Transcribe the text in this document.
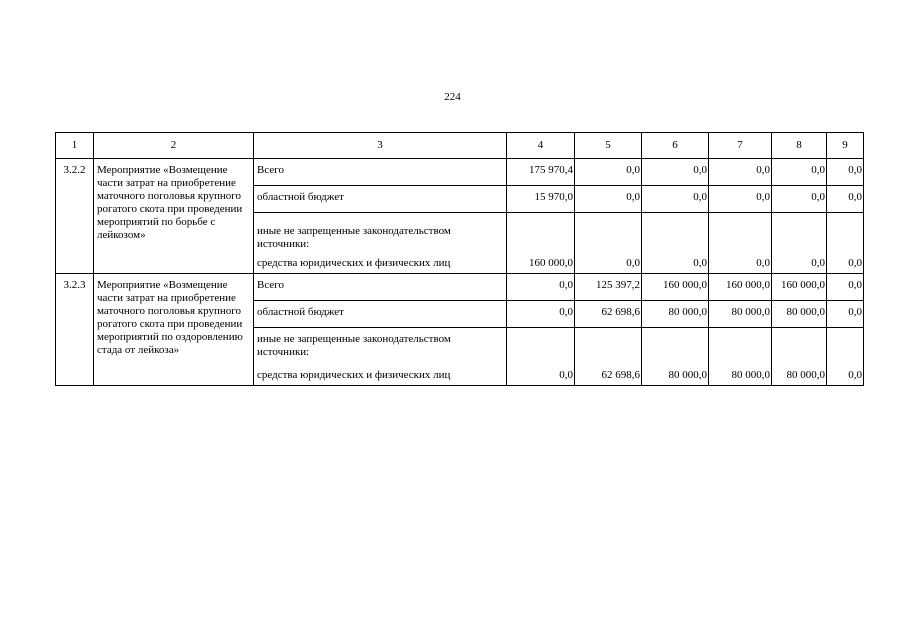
224
1	2	3	4	5	6	7	8	9
3.2.2	Мероприятие «Возмещение части затрат на приобретение маточного поголовья крупного рогатого скота при проведении мероприятий по борьбе с лейкозом»	Всего	175 970,4	0,0	0,0	0,0	0,0	0,0
		областной бюджет	15 970,0	0,0	0,0	0,0	0,0	0,0
		иные не запрещенные законодательством источники:						
		средства юридических и физических лиц	160 000,0	0,0	0,0	0,0	0,0	0,0
3.2.3	Мероприятие «Возмещение части затрат на приобретение маточного поголовья крупного рогатого скота при проведении мероприятий по оздоровлению стада от лейкоза»	Всего	0,0	125 397,2	160 000,0	160 000,0	160 000,0	0,0
		областной бюджет	0,0	62 698,6	80 000,0	80 000,0	80 000,0	0,0
		иные не запрещенные законодательством источники:						
		средства юридических и физических лиц	0,0	62 698,6	80 000,0	80 000,0	80 000,0	0,0
